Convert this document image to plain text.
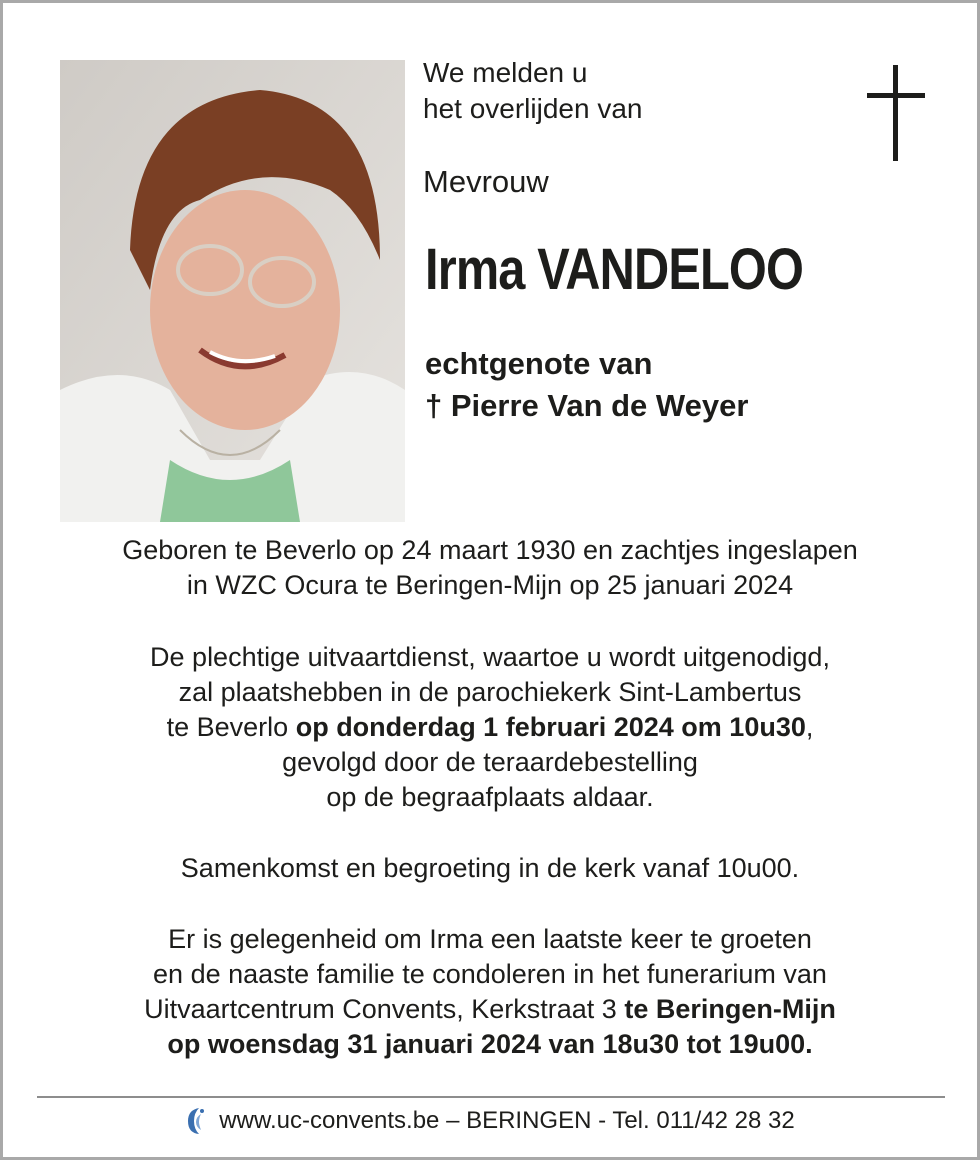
We melden u
het overlijden van
Mevrouw
Irma VANDELOO
echtgenote van
† Pierre Van de Weyer

Geboren te Beverlo op 24 maart 1930 en zachtjes ingeslapen

in WZC Ocura te Beringen-Mijn op 25 januari 2024

De plechtige uitvaartdienst, waartoe u wordt uitgenodigd,

zal plaatshebben in de parochiekerk Sint-Lambertus

te Beverlo op donderdag 1 februari 2024 om 10u30,

gevolgd door de teraardebestelling

op de begraafplaats aldaar.

Samenkomst en begroeting in de kerk vanaf 10u00.

Er is gelegenheid om Irma een laatste keer te groeten

en de naaste familie te condoleren in het funerarium van

Uitvaartcentrum Convents, Kerkstraat 3 te Beringen-Mijn

op woensdag 31 januari 2024 van 18u30 tot 19u00.

www.uc-convents.be – BERINGEN - Tel. 011/42 28 32
